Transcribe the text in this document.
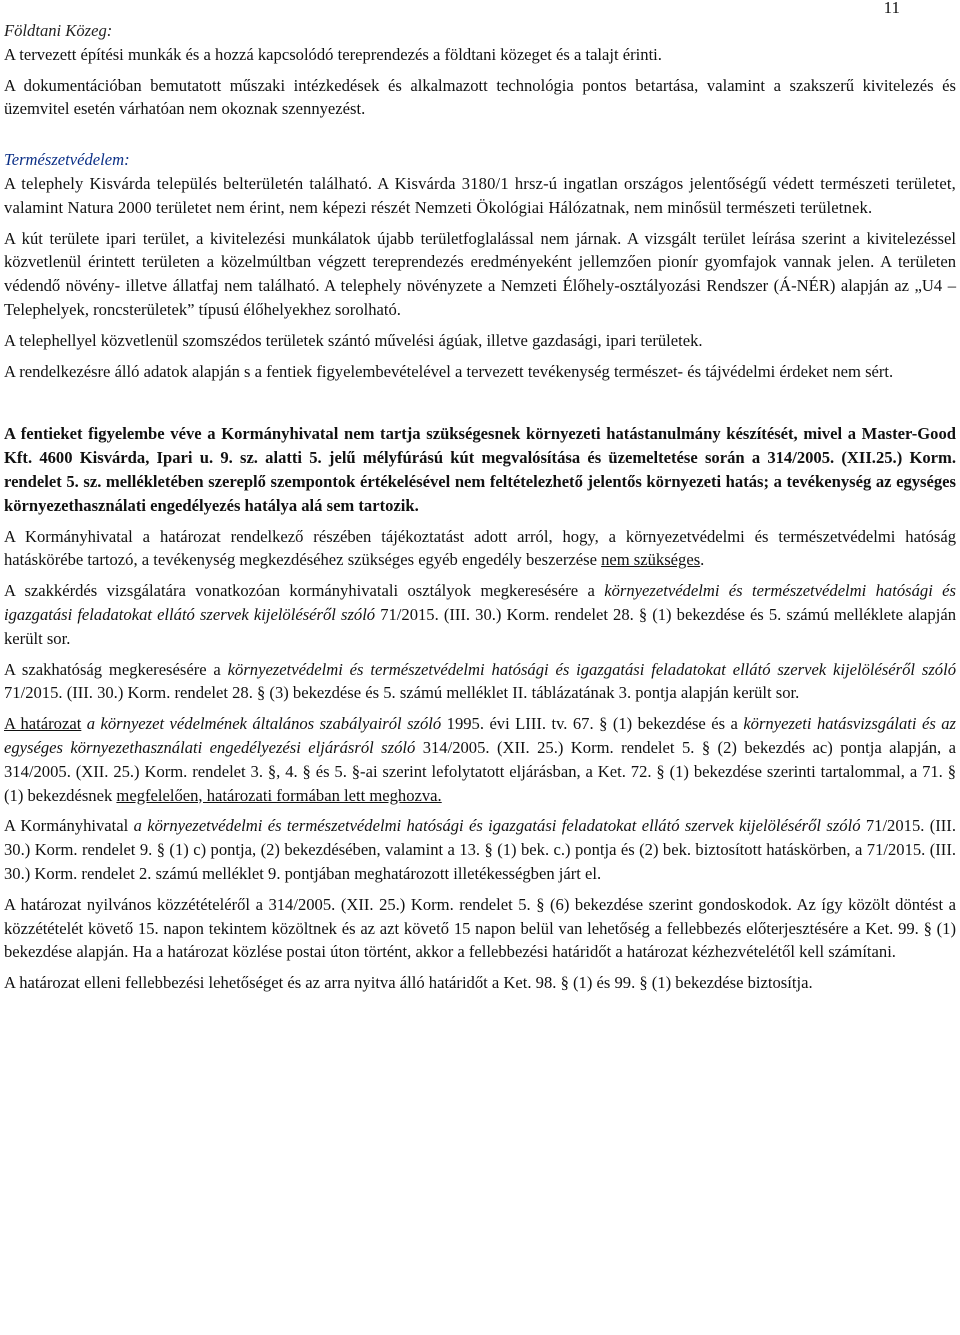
11

Földtani Közeg:

A tervezett építési munkák és a hozzá kapcsolódó tereprendezés a földtani közeget és a talajt érinti.

A dokumentációban bemutatott műszaki intézkedések és alkalmazott technológia pontos betartása, valamint a szakszerű kivitelezés és üzemvitel esetén várhatóan nem okoznak szennyezést.

Természetvédelem:

A telephely Kisvárda település belterületén található. A Kisvárda 3180/1 hrsz-ú ingatlan országos jelentőségű védett természeti területet, valamint Natura 2000 területet nem érint, nem képezi részét Nemzeti Ökológiai Hálózatnak, nem minősül természeti területnek.

A kút területe ipari terület, a kivitelezési munkálatok újabb területfoglalással nem járnak. A vizsgált terület leírása szerint a kivitelezéssel közvetlenül érintett területen a közelmúltban végzett tereprendezés eredményeként jellemzően pionír gyomfajok vannak jelen. A területen védendő növény- illetve állatfaj nem található. A telephely növényzete a Nemzeti Élőhely-osztályozási Rendszer (Á-NÉR) alapján az „U4 – Telephelyek, roncsterületek” típusú élőhelyekhez sorolható.

A telephellyel közvetlenül szomszédos területek szántó művelési ágúak, illetve gazdasági, ipari területek.

A rendelkezésre álló adatok alapján s a fentiek figyelembevételével a tervezett tevékenység természet- és tájvédelmi érdeket nem sért.

A fentieket figyelembe véve a Kormányhivatal nem tartja szükségesnek környezeti hatástanulmány készítését, mivel a Master-Good Kft. 4600 Kisvárda, Ipari u. 9. sz. alatti 5. jelű mélyfúrású kút megvalósítása és üzemeltetése során a 314/2005. (XII.25.) Korm. rendelet 5. sz. mellékletében szereplő szempontok értékelésével nem feltételezhető jelentős környezeti hatás; a tevékenység az egységes környezethasználati engedélyezés hatálya alá sem tartozik.

A Kormányhivatal a határozat rendelkező részében tájékoztatást adott arról, hogy, a környezetvédelmi és természetvédelmi hatóság hatáskörébe tartozó, a tevékenység megkezdéséhez szükséges egyéb engedély beszerzése nem szükséges.

A szakkérdés vizsgálatára vonatkozóan kormányhivatali osztályok megkeresésére a környezetvédelmi és természetvédelmi hatósági és igazgatási feladatokat ellátó szervek kijelöléséről szóló 71/2015. (III. 30.) Korm. rendelet 28. § (1) bekezdése és 5. számú melléklete alapján került sor.

A szakhatóság megkeresésére a környezetvédelmi és természetvédelmi hatósági és igazgatási feladatokat ellátó szervek kijelöléséről szóló 71/2015. (III. 30.) Korm. rendelet 28. § (3) bekezdése és 5. számú melléklet II. táblázatának 3. pontja alapján került sor.

A határozat a környezet védelmének általános szabályairól szóló 1995. évi LIII. tv. 67. § (1) bekezdése és a környezeti hatásvizsgálati és az egységes környezethasználati engedélyezési eljárásról szóló 314/2005. (XII. 25.) Korm. rendelet 5. § (2) bekezdés ac) pontja alapján, a 314/2005. (XII. 25.) Korm. rendelet 3. §, 4. § és 5. §-ai szerint lefolytatott eljárásban, a Ket. 72. § (1) bekezdése szerinti tartalommal, a 71. § (1) bekezdésnek megfelelően, határozati formában lett meghozva.

A Kormányhivatal a környezetvédelmi és természetvédelmi hatósági és igazgatási feladatokat ellátó szervek kijelöléséről szóló 71/2015. (III. 30.) Korm. rendelet 9. § (1) c) pontja, (2) bekezdésében, valamint a 13. § (1) bek. c.) pontja és (2) bek. biztosított hatáskörben, a 71/2015. (III. 30.) Korm. rendelet 2. számú melléklet 9. pontjában meghatározott illetékességben járt el.

A határozat nyilvános közzétételéről a 314/2005. (XII. 25.) Korm. rendelet 5. § (6) bekezdése szerint gondoskodok. Az így közölt döntést a közzétételét követő 15. napon tekintem közöltnek és az azt követő 15 napon belül van lehetőség a fellebbezés előterjesztésére a Ket. 99. § (1) bekezdése alapján. Ha a határozat közlése postai úton történt, akkor a fellebbezési határidőt a határozat kézhezvételétől kell számítani.

A határozat elleni fellebbezési lehetőséget és az arra nyitva álló határidőt a Ket. 98. § (1) és 99. § (1) bekezdése biztosítja.
